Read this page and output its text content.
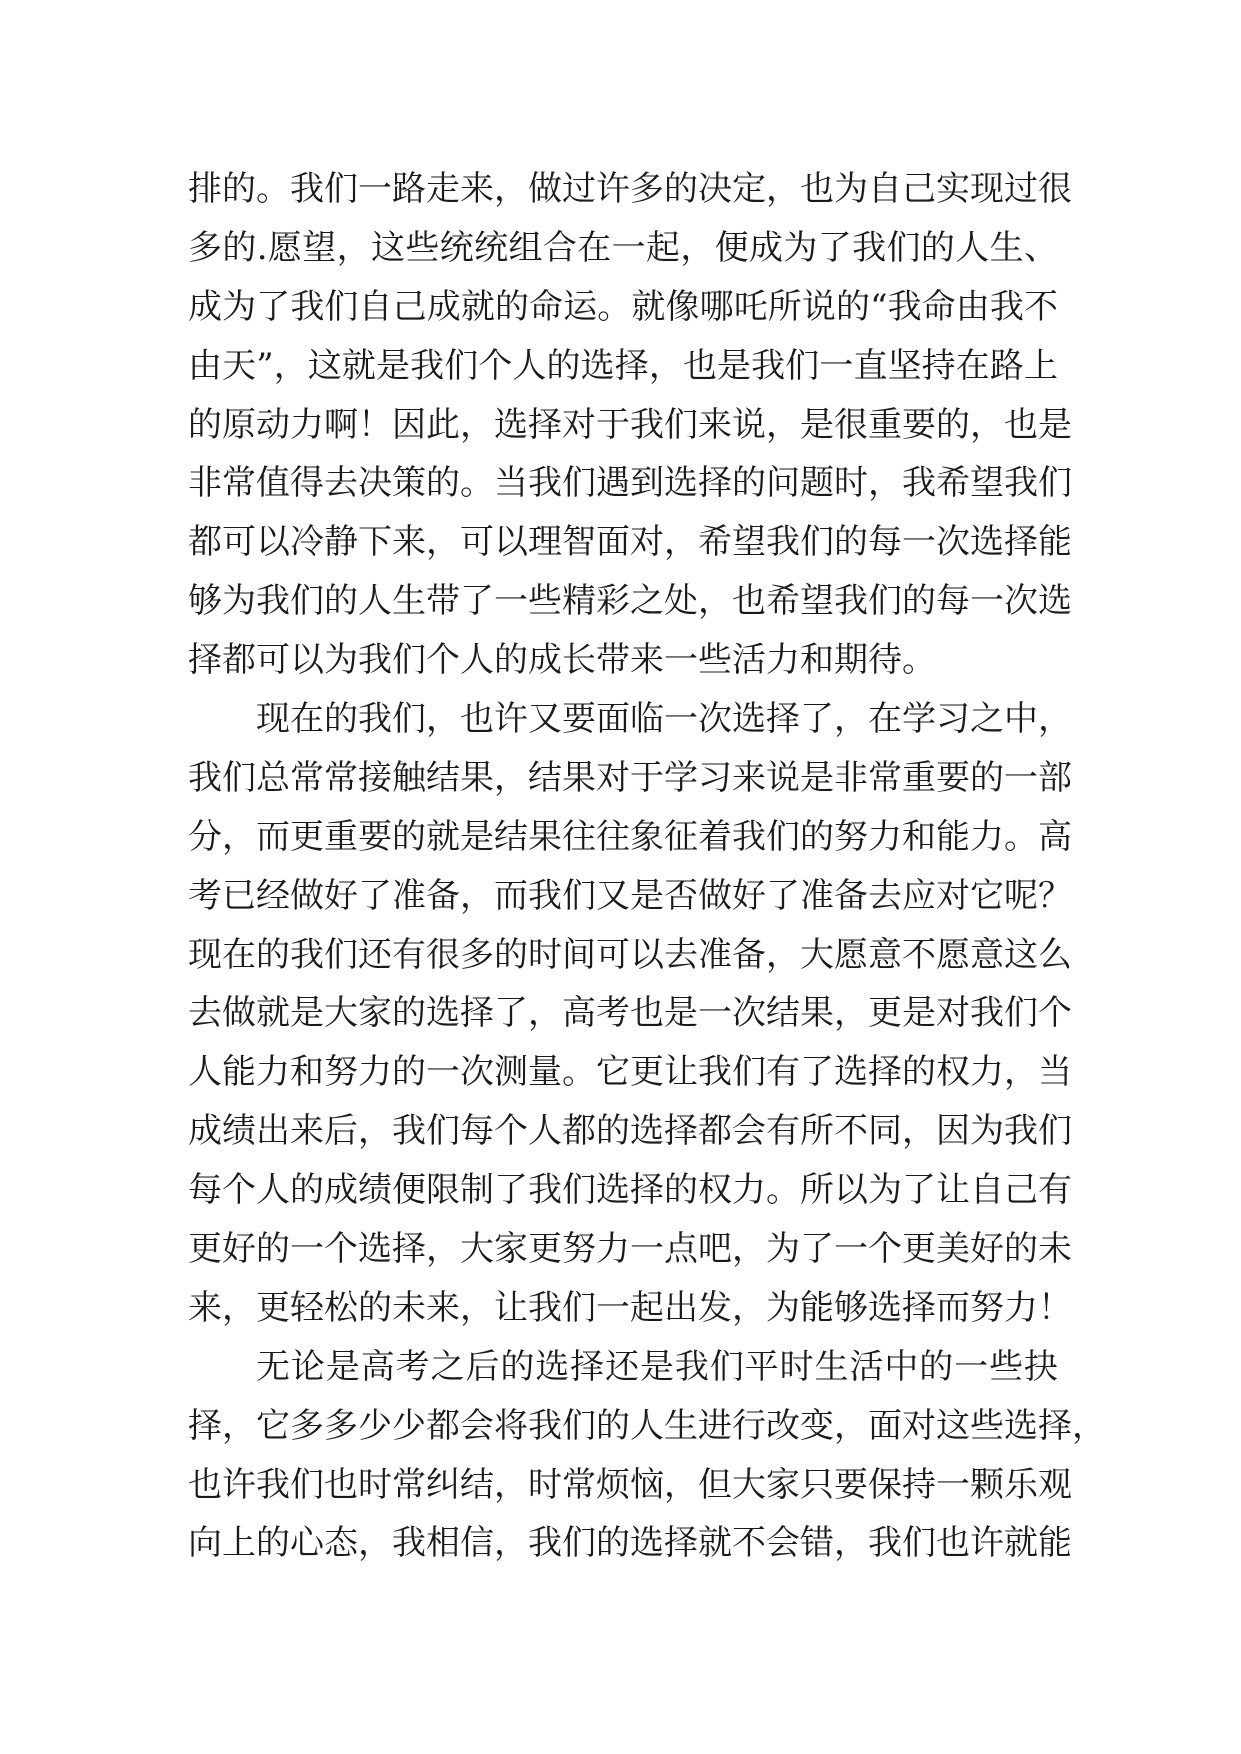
排的。我们一路走来，做过许多的决定，也为自己实现过很
多的.愿望，这些统统组合在一起，便成为了我们的人生、
成为了我们自己成就的命运。就像哪吒所说的“我命由我不
由天”，这就是我们个人的选择，也是我们一直坚持在路上
的原动力啊！因此，选择对于我们来说，是很重要的，也是
非常值得去决策的。当我们遇到选择的问题时，我希望我们
都可以冷静下来，可以理智面对，希望我们的每一次选择能
够为我们的人生带了一些精彩之处，也希望我们的每一次选
择都可以为我们个人的成长带来一些活力和期待。
现在的我们，也许又要面临一次选择了，在学习之中，
我们总常常接触结果，结果对于学习来说是非常重要的一部
分，而更重要的就是结果往往象征着我们的努力和能力。高
考已经做好了准备，而我们又是否做好了准备去应对它呢？
现在的我们还有很多的时间可以去准备，大愿意不愿意这么
去做就是大家的选择了，高考也是一次结果，更是对我们个
人能力和努力的一次测量。它更让我们有了选择的权力，当
成绩出来后，我们每个人都的选择都会有所不同，因为我们
每个人的成绩便限制了我们选择的权力。所以为了让自己有
更好的一个选择，大家更努力一点吧，为了一个更美好的未
来，更轻松的未来，让我们一起出发，为能够选择而努力！
无论是高考之后的选择还是我们平时生活中的一些抉
择，它多多少少都会将我们的人生进行改变，面对这些选择，
也许我们也时常纠结，时常烦恼，但大家只要保持一颗乐观
向上的心态，我相信，我们的选择就不会错，我们也许就能
